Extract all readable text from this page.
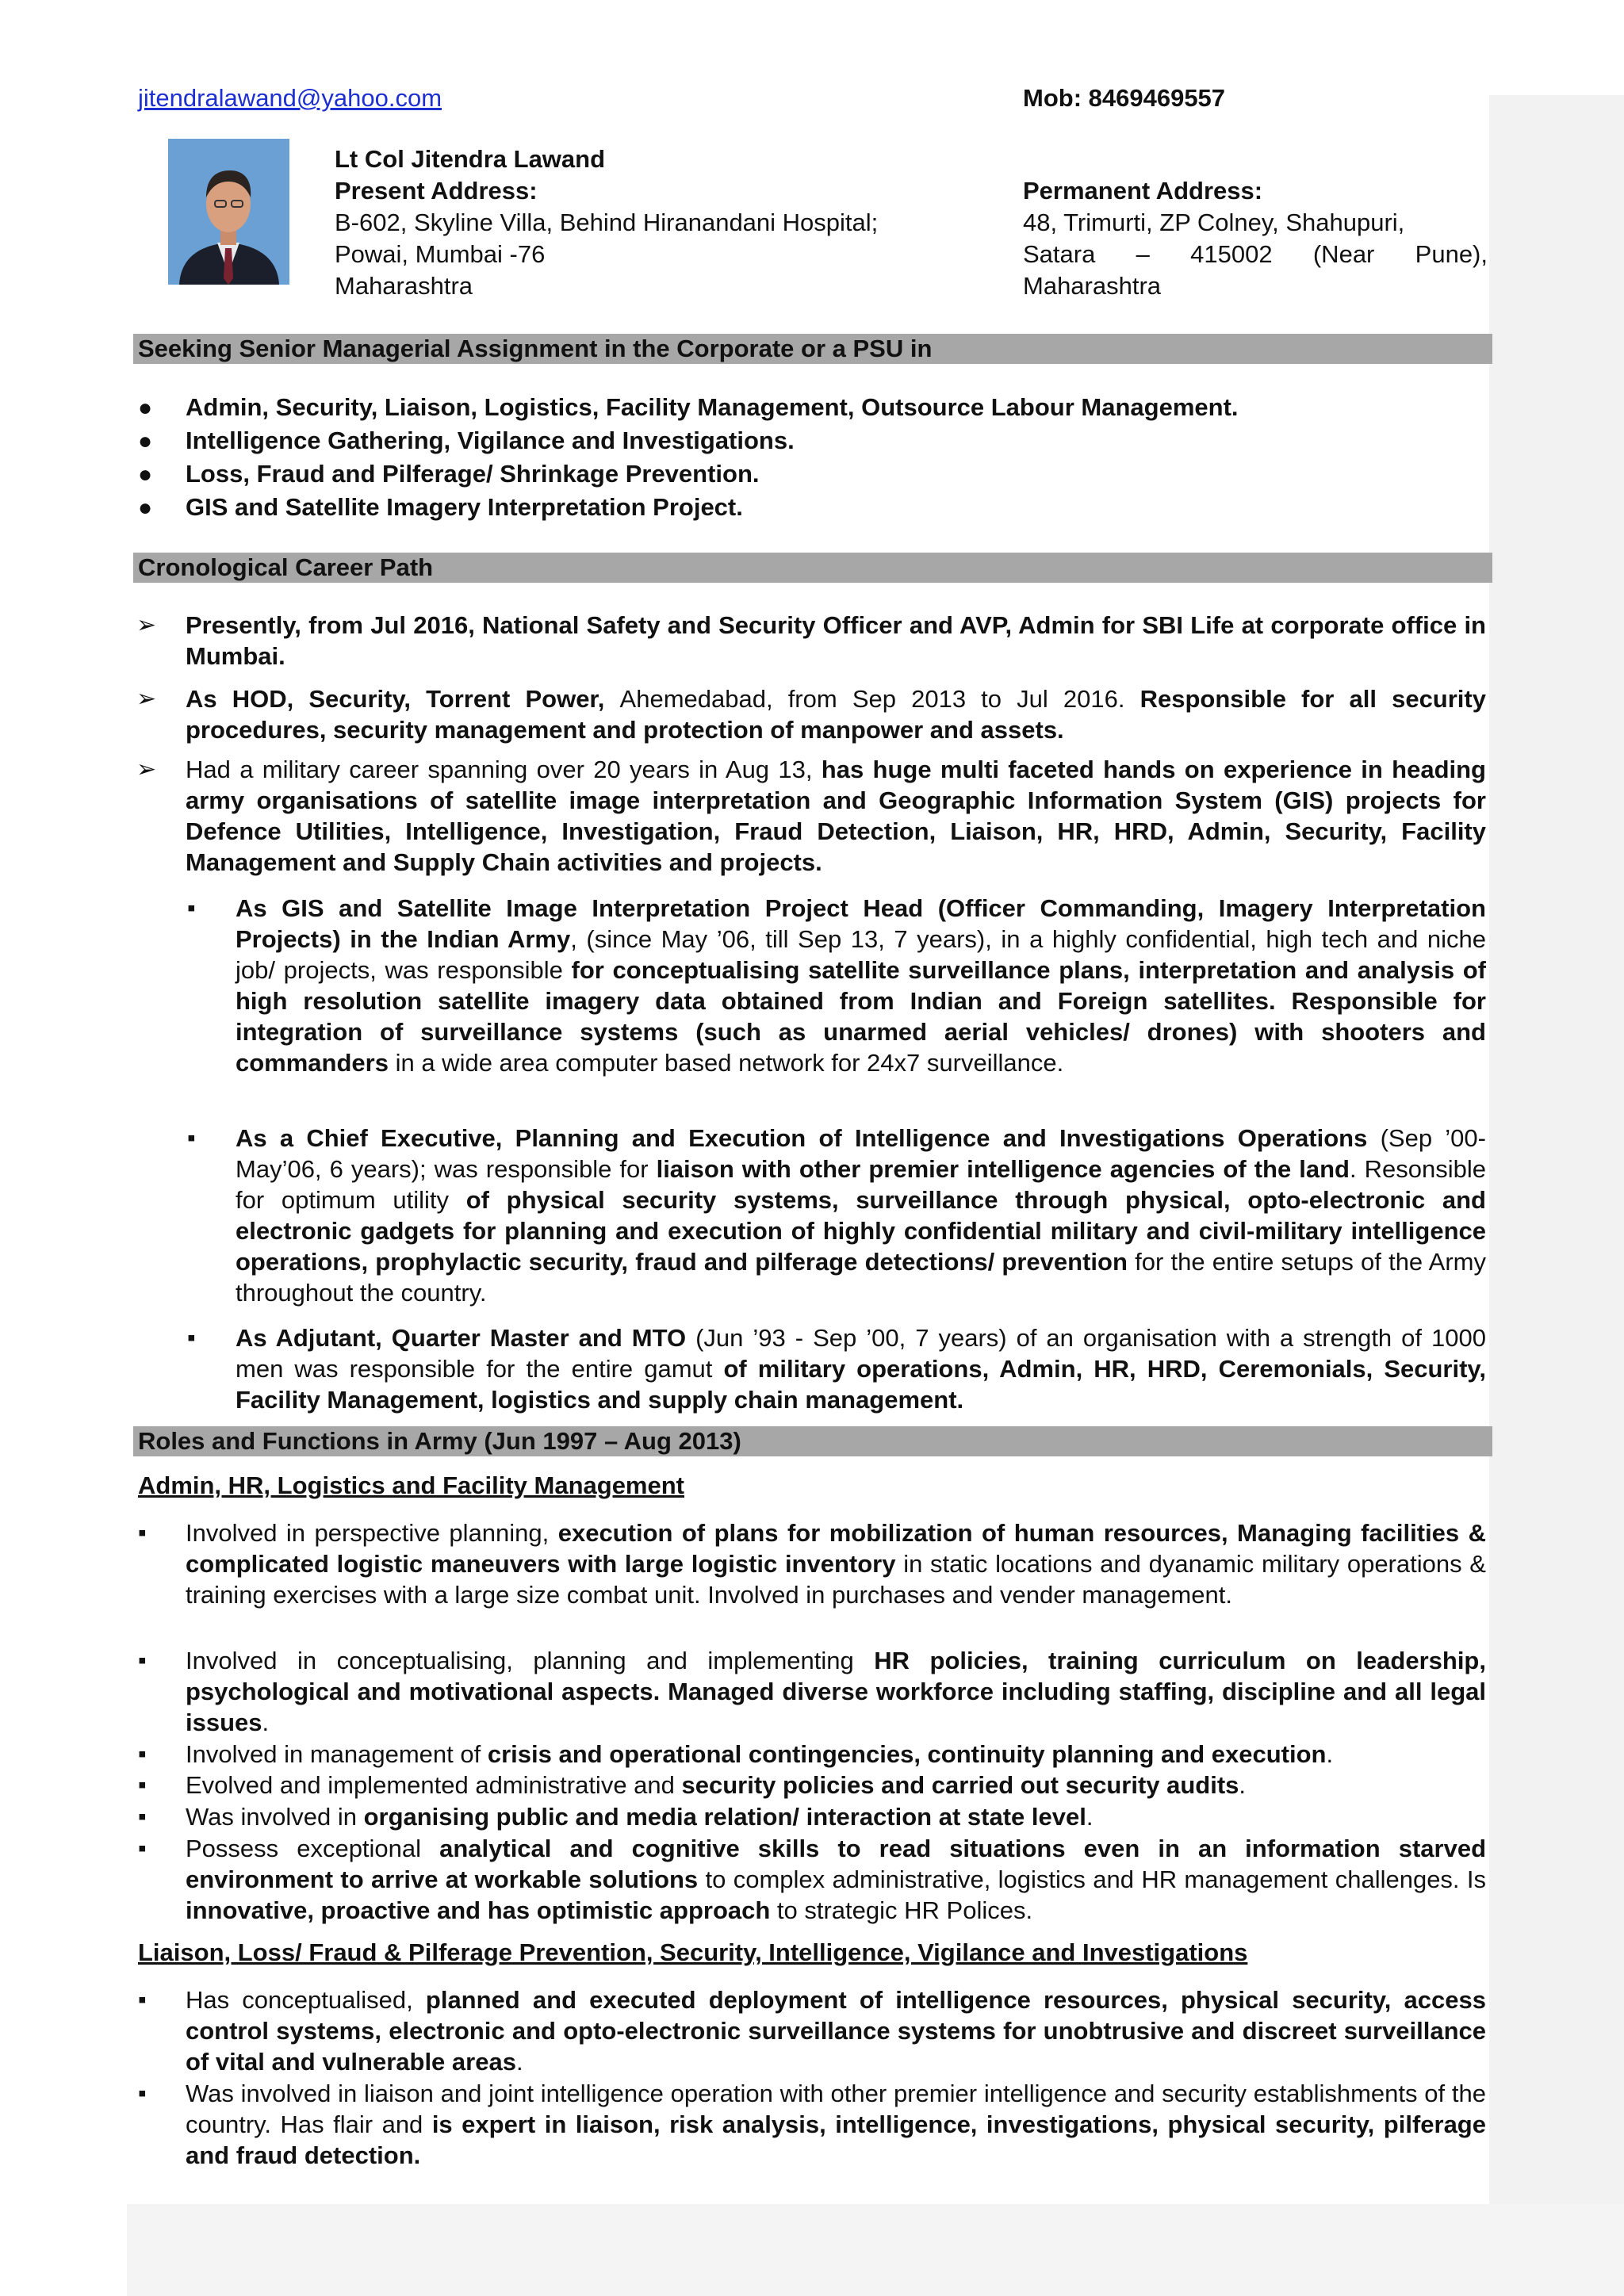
jitendralawand@yahoo.com	Mob: 8469469557
Lt Col Jitendra Lawand
Present Address:
B-602, Skyline Villa, Behind Hiranandani Hospital;
Powai, Mumbai -76
Maharashtra
Permanent Address:
48, Trimurti, ZP Colney, Shahupuri,
Satara – 415002 (Near Pune),
Maharashtra
Seeking Senior Managerial Assignment in the Corporate or a PSU in
● Admin, Security, Liaison, Logistics, Facility Management, Outsource Labour Management.
● Intelligence Gathering, Vigilance and Investigations.
● Loss, Fraud and Pilferage/ Shrinkage Prevention.
● GIS and Satellite Imagery Interpretation Project.
Cronological Career Path
➢ Presently, from Jul 2016, National Safety and Security Officer and AVP, Admin for SBI Life at corporate office in Mumbai.
➢ As HOD, Security, Torrent Power, Ahemedabad, from Sep 2013 to Jul 2016. Responsible for all security procedures, security management and protection of manpower and assets.
➢ Had a military career spanning over 20 years in Aug 13, has huge multi faceted hands on experience in heading army organisations of satellite image interpretation and Geographic Information System (GIS) projects for Defence Utilities, Intelligence, Investigation, Fraud Detection, Liaison, HR, HRD, Admin, Security, Facility Management and Supply Chain activities and projects.
▪ As GIS and Satellite Image Interpretation Project Head (Officer Commanding, Imagery Interpretation Projects) in the Indian Army, (since May ’06, till Sep 13, 7 years), in a highly confidential, high tech and niche job/ projects, was responsible for conceptualising satellite surveillance plans, interpretation and analysis of high resolution satellite imagery data obtained from Indian and Foreign satellites. Responsible for integration of surveillance systems (such as unarmed aerial vehicles/ drones) with shooters and commanders in a wide area computer based network for 24x7 surveillance.
▪ As a Chief Executive, Planning and Execution of Intelligence and Investigations Operations (Sep ’00-May’06, 6 years); was responsible for liaison with other premier intelligence agencies of the land. Resonsible for optimum utility of physical security systems, surveillance through physical, opto-electronic and electronic gadgets for planning and execution of highly confidential military and civil-military intelligence operations, prophylactic security, fraud and pilferage detections/ prevention for the entire setups of the Army throughout the country.
▪ As Adjutant, Quarter Master and MTO (Jun ’93 - Sep ’00, 7 years) of an organisation with a strength of 1000 men was responsible for the entire gamut of military operations, Admin, HR, HRD, Ceremonials, Security, Facility Management, logistics and supply chain management.
Roles and Functions in Army (Jun 1997 – Aug 2013)
Admin, HR, Logistics and Facility Management
▪ Involved in perspective planning, execution of plans for mobilization of human resources, Managing facilities & complicated logistic maneuvers with large logistic inventory in static locations and dyanamic military operations & training exercises with a large size combat unit. Involved in purchases and vender management.
▪ Involved in conceptualising, planning and implementing HR policies, training curriculum on leadership, psychological and motivational aspects. Managed diverse workforce including staffing, discipline and all legal issues.
▪ Involved in management of crisis and operational contingencies, continuity planning and execution.
▪ Evolved and implemented administrative and security policies and carried out security audits.
▪ Was involved in organising public and media relation/ interaction at state level.
▪ Possess exceptional analytical and cognitive skills to read situations even in an information starved environment to arrive at workable solutions to complex administrative, logistics and HR management challenges. Is innovative, proactive and has optimistic approach to strategic HR Polices.
Liaison, Loss/ Fraud & Pilferage Prevention, Security, Intelligence, Vigilance and Investigations
▪ Has conceptualised, planned and executed deployment of intelligence resources, physical security, access control systems, electronic and opto-electronic surveillance systems for unobtrusive and discreet surveillance of vital and vulnerable areas.
▪ Was involved in liaison and joint intelligence operation with other premier intelligence and security establishments of the country. Has flair and is expert in liaison, risk analysis, intelligence, investigations, physical security, pilferage and fraud detection.
